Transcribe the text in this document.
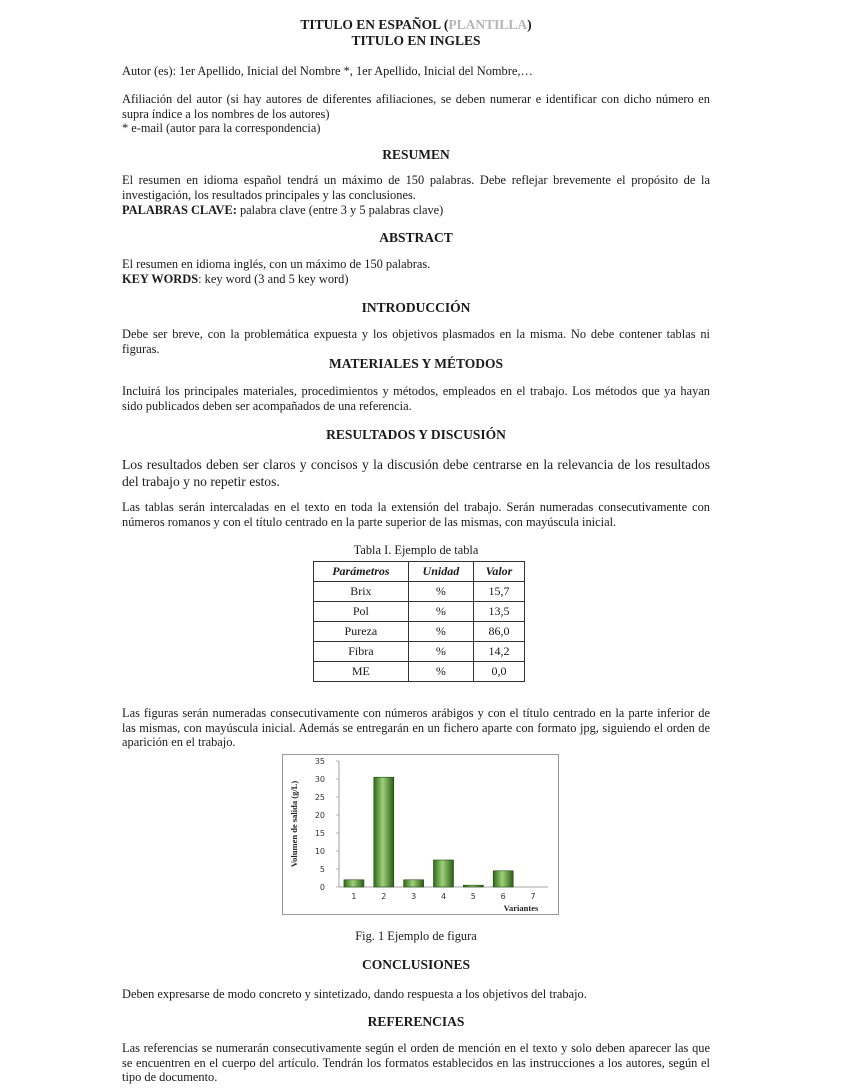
TITULO EN ESPAÑOL (PLANTILLA)
TITULO EN INGLES
Autor (es): 1er Apellido, Inicial del Nombre *, 1er Apellido, Inicial del Nombre,…
Afiliación del autor (si hay autores de diferentes afiliaciones, se deben numerar e identificar con dicho número en supra índice a los nombres de los autores)
* e-mail (autor para la correspondencia)
RESUMEN
El resumen en idioma español tendrá un máximo de 150 palabras. Debe reflejar brevemente el propósito de la investigación, los resultados principales y las conclusiones.
PALABRAS CLAVE: palabra clave (entre 3 y 5 palabras clave)
ABSTRACT
El resumen en idioma inglés, con un máximo de 150 palabras.
KEY WORDS: key word (3 and 5 key word)
INTRODUCCIÓN
Debe ser breve, con la problemática expuesta y los objetivos plasmados en la misma. No debe contener tablas ni figuras.
MATERIALES Y MÉTODOS
Incluirá los principales materiales, procedimientos y métodos, empleados en el trabajo. Los métodos que ya hayan sido publicados deben ser acompañados de una referencia.
RESULTADOS Y DISCUSIÓN
Los resultados deben ser claros y concisos y la discusión debe centrarse en la relevancia de los resultados del trabajo y no repetir estos.
Las tablas serán intercaladas en el texto en toda la extensión del trabajo. Serán numeradas consecutivamente con números romanos y con el título centrado en la parte superior de las mismas, con mayúscula inicial.
Tabla I. Ejemplo de tabla
Parámetros	Unidad	Valor
Brix	%	15,7
Pol	%	13,5
Pureza	%	86,0
Fibra	%	14,2
ME	%	0,0
Las figuras serán numeradas consecutivamente con números arábigos y con el título centrado en la parte inferior de las mismas, con mayúscula inicial. Además se entregarán en un fichero aparte con formato jpg, siguiendo el orden de aparición en el trabajo.
0
5
10
15
20
25
30
35
1	2	3	4	5	6	7
Variantes
Volumen de salida (g/L)
Fig. 1 Ejemplo de figura
CONCLUSIONES
Deben expresarse de modo concreto y sintetizado, dando respuesta a los objetivos del trabajo.
REFERENCIAS
Las referencias se numerarán consecutivamente según el orden de mención en el texto y solo deben aparecer las que se encuentren en el cuerpo del artículo. Tendrán los formatos establecidos en las instrucciones a los autores, según el tipo de documento.
